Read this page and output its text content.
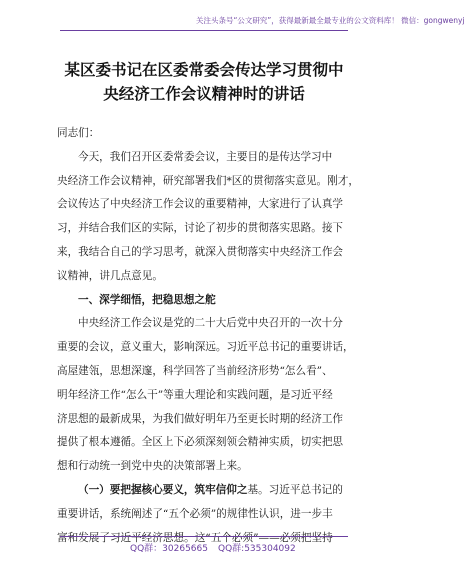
关注头条号“公文研究”，获得最新最全最专业的公文资料库！ 微信：gongwenyj
某区委书记在区委常委会传达学习贯彻中
央经济工作会议精神时的讲话
同志们：
今天，我们召开区委常委会议，主要目的是传达学习中
央经济工作会议精神，研究部署我们*区的贯彻落实意见。刚才，
会议传达了中央经济工作会议的重要精神，大家进行了认真学
习，并结合我们区的实际，讨论了初步的贯彻落实思路。接下
来，我结合自己的学习思考，就深入贯彻落实中央经济工作会
议精神，讲几点意见。
一、深学细悟，把稳思想之舵
中央经济工作会议是党的二十大后党中央召开的一次十分
重要的会议，意义重大，影响深远。习近平总书记的重要讲话，
高屋建瓴，思想深邃，科学回答了当前经济形势“怎么看”、
明年经济工作“怎么干”等重大理论和实践问题，是习近平经
济思想的最新成果，为我们做好明年乃至更长时期的经济工作
提供了根本遵循。全区上下必须深刻领会精神实质，切实把思
想和行动统一到党中央的决策部署上来。
（一）要把握核心要义，筑牢信仰之基。习近平总书记的
重要讲话，系统阐述了“五个必须”的规律性认识，进一步丰
富和发展了习近平经济思想。这“五个必须”——必须把坚持
QQ群：30265665 QQ群:535304092
